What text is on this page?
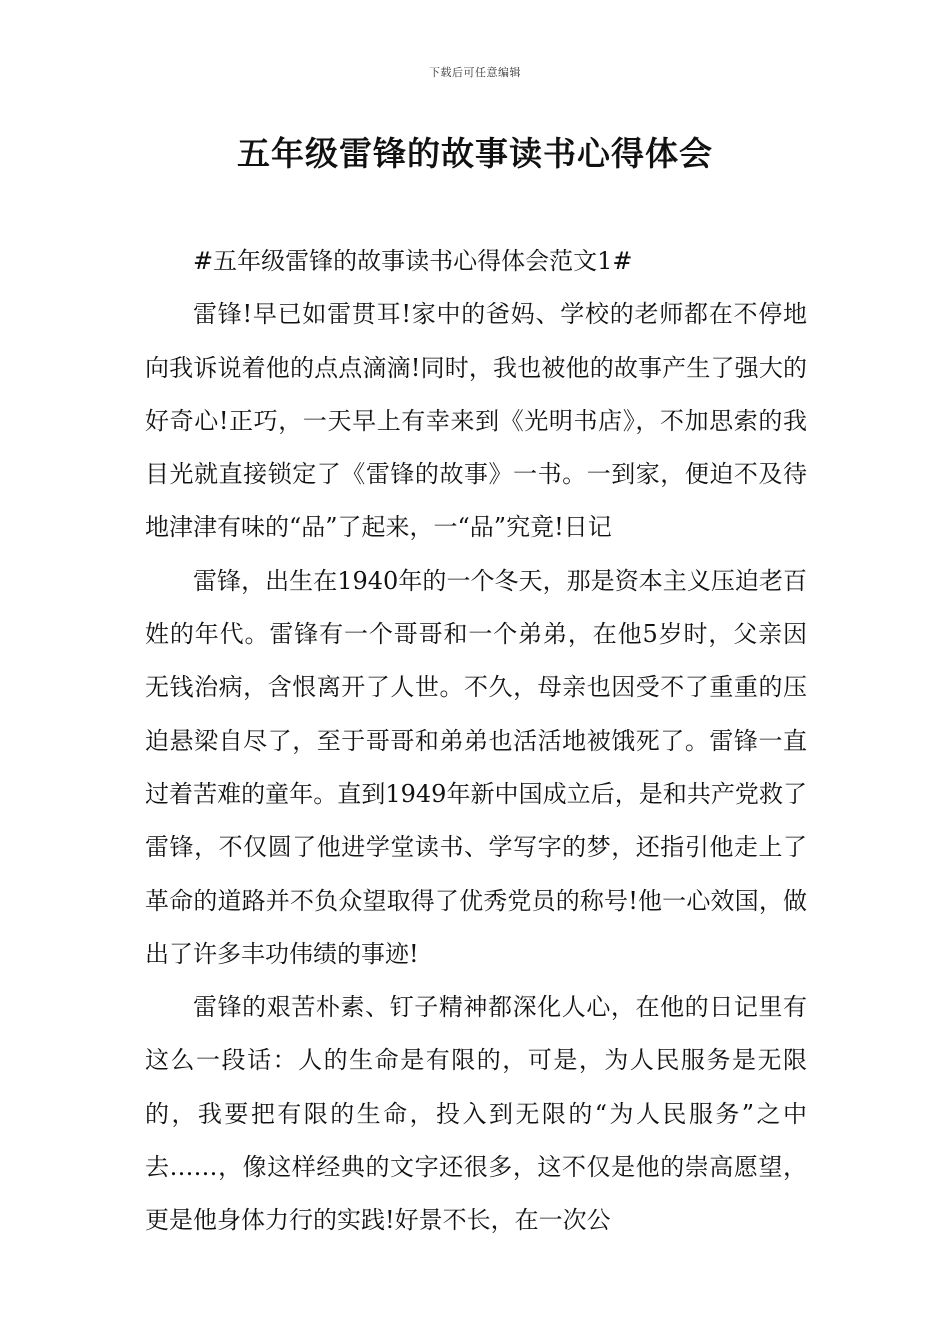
下载后可任意编辑
五年级雷锋的故事读书心得体会

#五年级雷锋的故事读书心得体会范文1#

雷锋!早已如雷贯耳!家中的爸妈、学校的老师都在不停地向我诉说着他的点点滴滴!同时，我也被他的故事产生了强大的好奇心!正巧，一天早上有幸来到《光明书店》，不加思索的我目光就直接锁定了《雷锋的故事》一书。一到家，便迫不及待地津津有味的“品”了起来，一“品”究竟!日记

雷锋，出生在1940年的一个冬天，那是资本主义压迫老百姓的年代。雷锋有一个哥哥和一个弟弟，在他5岁时，父亲因无钱治病，含恨离开了人世。不久，母亲也因受不了重重的压迫悬梁自尽了，至于哥哥和弟弟也活活地被饿死了。雷锋一直过着苦难的童年。直到1949年新中国成立后，是和共产党救了雷锋，不仅圆了他进学堂读书、学写字的梦，还指引他走上了革命的道路并不负众望取得了优秀党员的称号!他一心效国，做出了许多丰功伟绩的事迹!

雷锋的艰苦朴素、钉子精神都深化人心，在他的日记里有这么一段话：人的生命是有限的，可是，为人民服务是无限的，我要把有限的生命，投入到无限的“为人民服务”之中去……，像这样经典的文字还很多，这不仅是他的崇高愿望，更是他身体力行的实践!好景不长，在一次公
